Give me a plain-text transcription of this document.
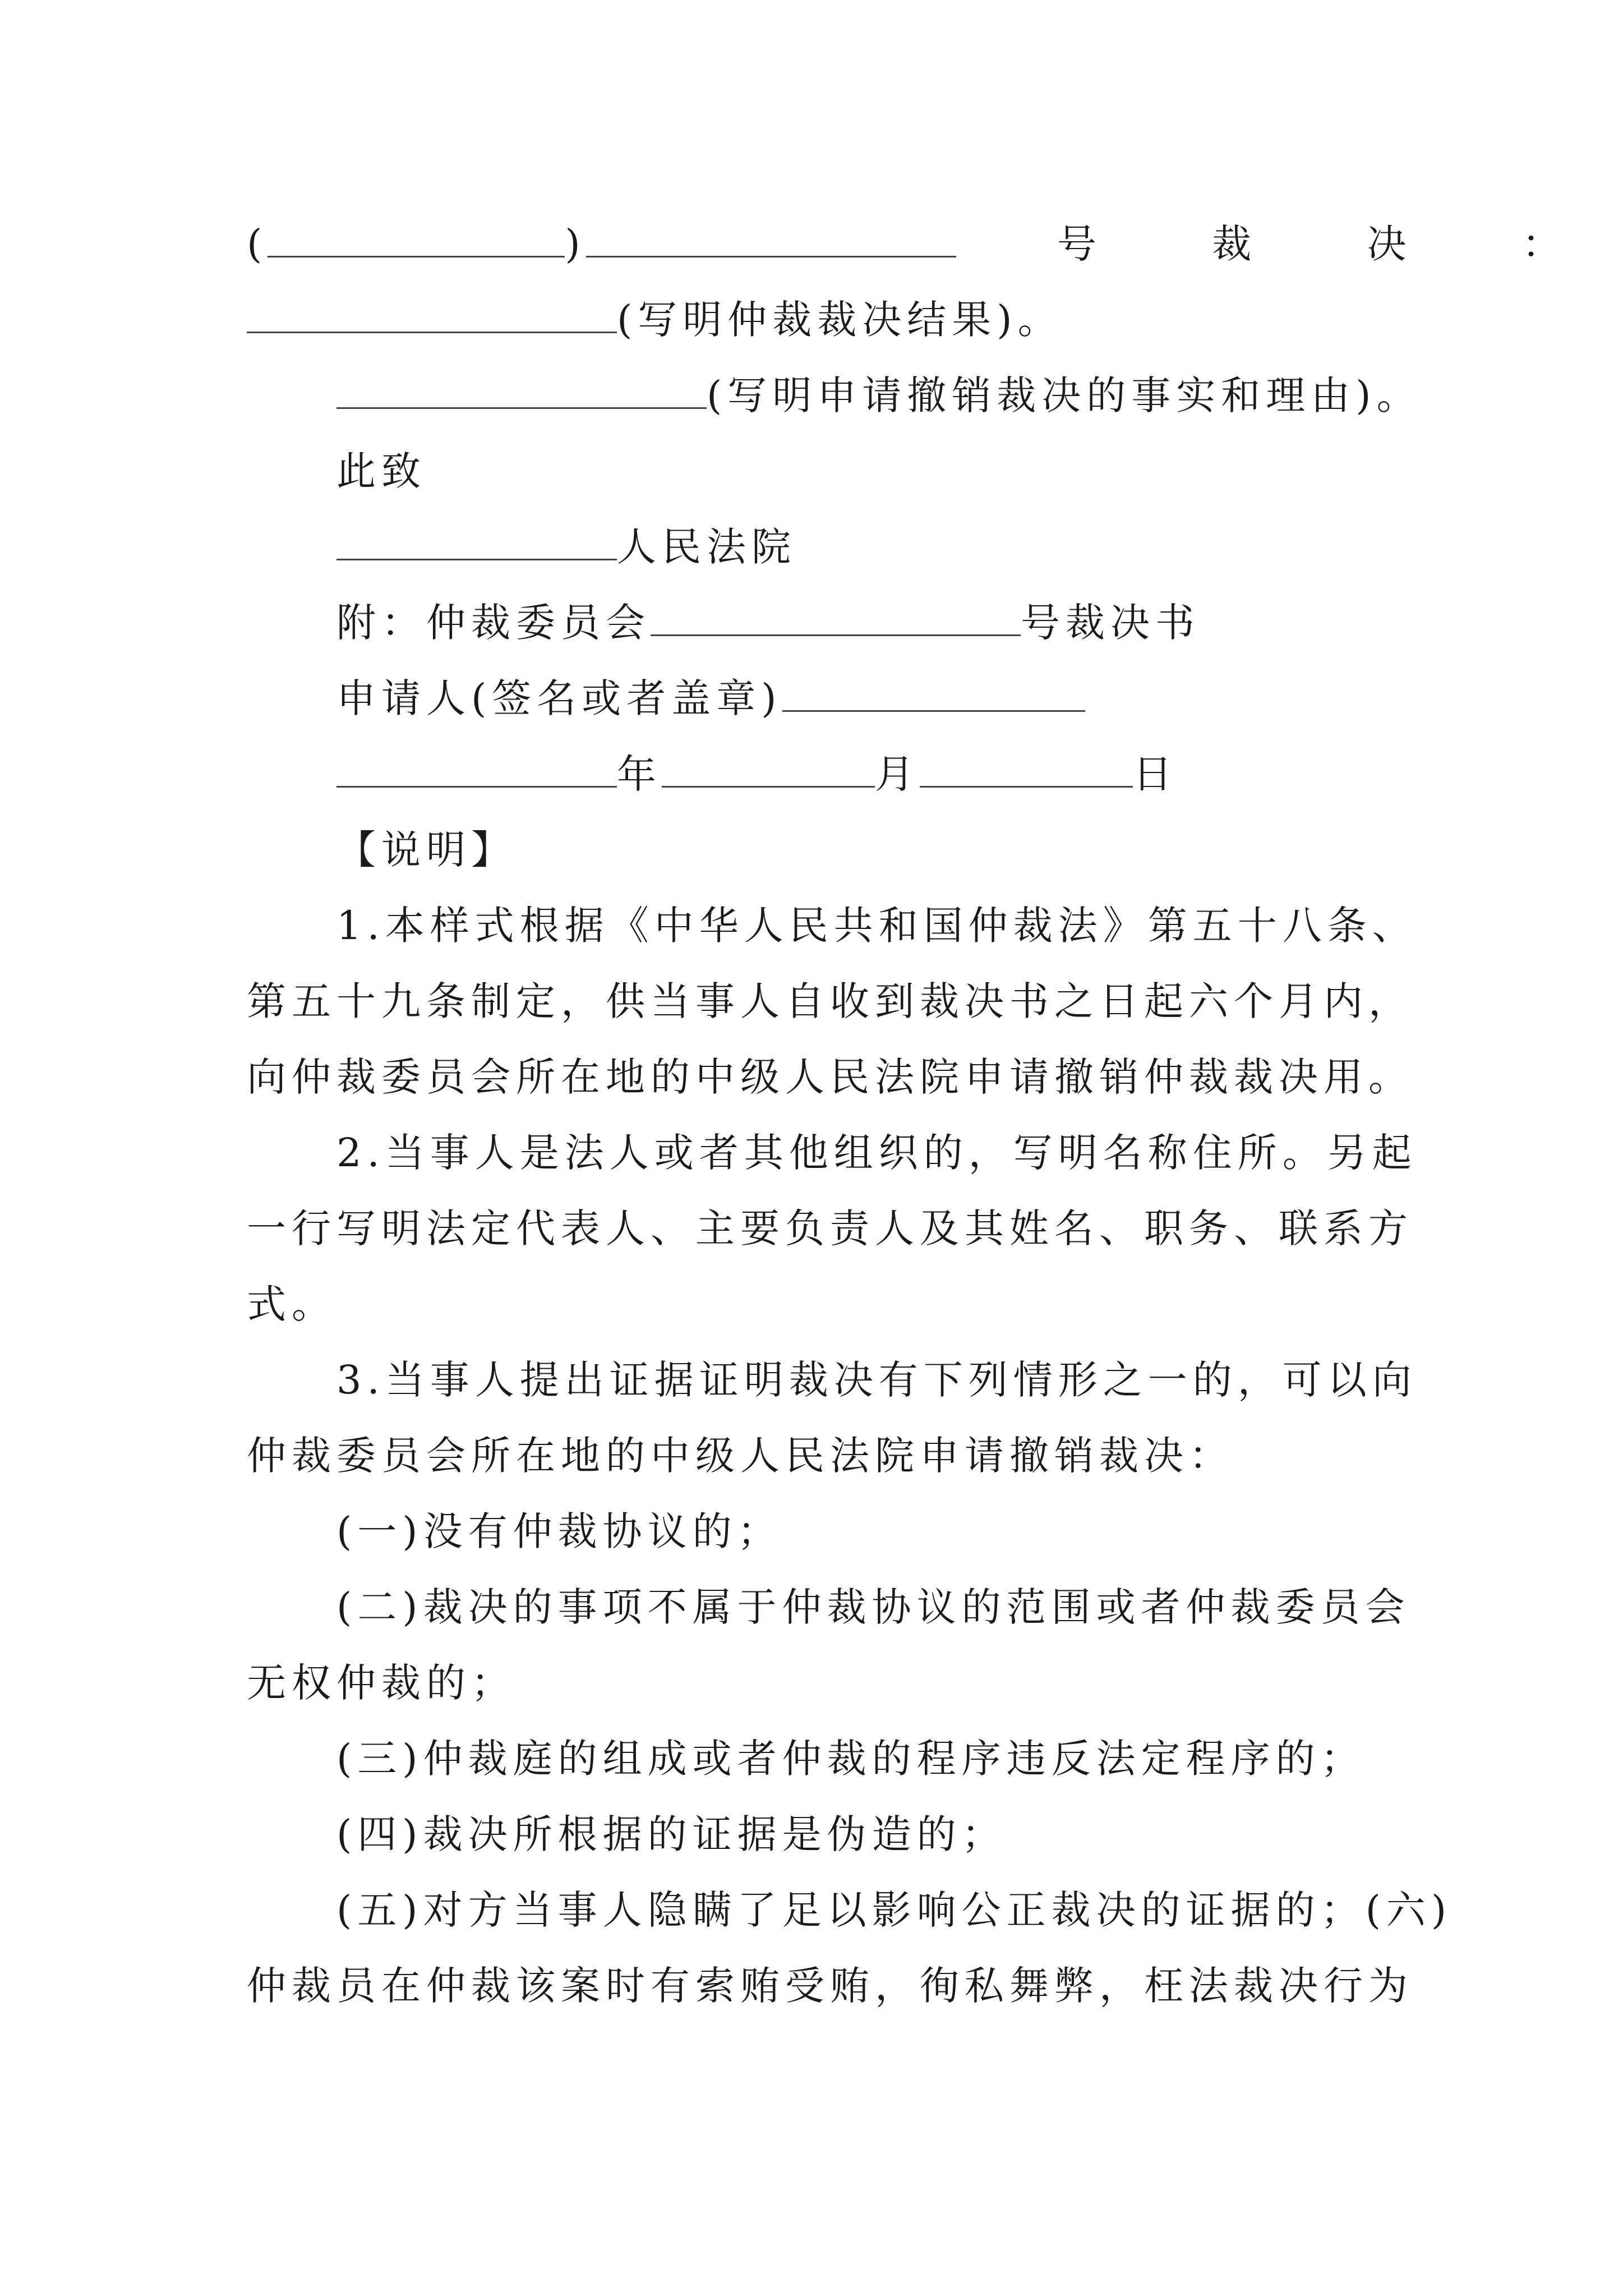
(	)	号 裁 决 ：
(写明仲裁裁决结果)。
(写明申请撤销裁决的事实和理由)。
此致
人民法院
附：仲裁委员会	号裁决书
申请人(签名或者盖章)
年	月	日
【说明】
1.本样式根据《中华人民共和国仲裁法》第五十八条、
第五十九条制定，供当事人自收到裁决书之日起六个月内，
向仲裁委员会所在地的中级人民法院申请撤销仲裁裁决用。
2.当事人是法人或者其他组织的，写明名称住所。另起
一行写明法定代表人、主要负责人及其姓名、职务、联系方
式。
3.当事人提出证据证明裁决有下列情形之一的，可以向
仲裁委员会所在地的中级人民法院申请撤销裁决：
(一)没有仲裁协议的；
(二)裁决的事项不属于仲裁协议的范围或者仲裁委员会
无权仲裁的；
(三)仲裁庭的组成或者仲裁的程序违反法定程序的；
(四)裁决所根据的证据是伪造的；
(五)对方当事人隐瞒了足以影响公正裁决的证据的；(六)
仲裁员在仲裁该案时有索贿受贿，徇私舞弊，枉法裁决行为
